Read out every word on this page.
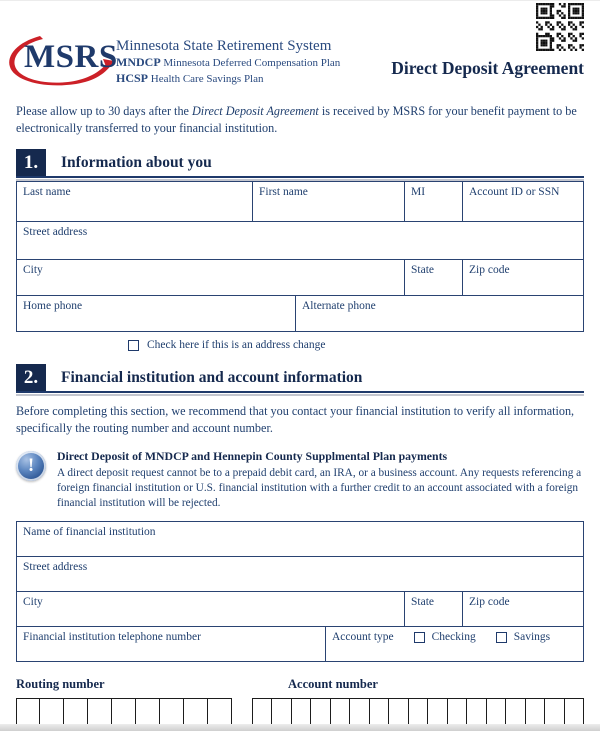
MSRS
Minnesota State Retirement System
MNDCP Minnesota Deferred Compensation Plan
HCSP Health Care Savings Plan
Direct Deposit Agreement

Please allow up to 30 days after the Direct Deposit Agreement is received by MSRS for your benefit payment to be electronically transferred to your financial institution.

1.	Information about you
Last name	First name	MI	Account ID or SSN
Street address
City	State	Zip code
Home phone	Alternate phone
Check here if this is an address change
2.	Financial institution and account information

Before completing this section, we recommend that you contact your financial institution to verify all information, specifically the routing number and account number.

!	Direct Deposit of MNDCP and Hennepin County Supplmental Plan payments
A direct deposit request cannot be to a prepaid debit card, an IRA, or a business account. Any requests referencing a foreign financial institution or U.S. financial institution with a further credit to an account associated with a foreign financial institution will be rejected.
Name of financial institution
Street address
City	State	Zip code
Financial institution telephone number	Account type	Checking	Savings
Routing number	Account number
